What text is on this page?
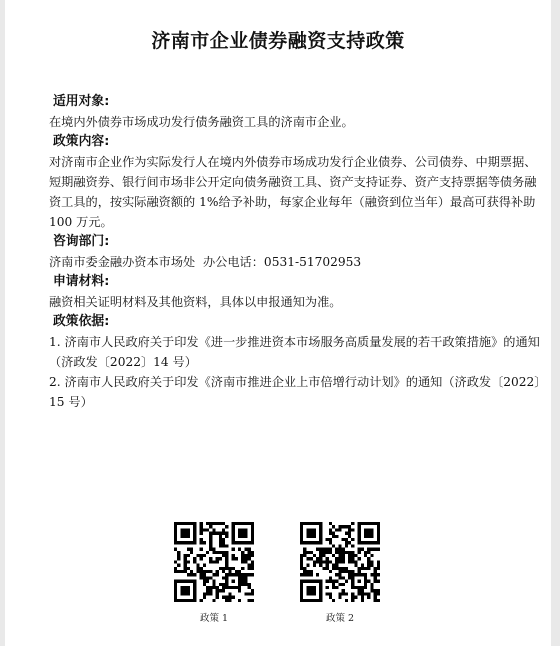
济南市企业债券融资支持政策
适用对象:
在境内外债券市场成功发行债务融资工具的济南市企业。
政策内容:
对济南市企业作为实际发行人在境内外债券市场成功发行企业债券、公司债券、中期票据、短期融资券、银行间市场非公开定向债务融资工具、资产支持证券、资产支持票据等债务融资工具的，按实际融资额的 1%给予补助，每家企业每年（融资到位当年）最高可获得补助 100 万元。
咨询部门:
济南市委金融办资本市场处  办公电话：0531-51702953
申请材料:
融资相关证明材料及其他资料，具体以申报通知为准。
政策依据:
1. 济南市人民政府关于印发《进一步推进资本市场服务高质量发展的若干政策措施》的通知（济政发〔2022〕14 号）
2. 济南市人民政府关于印发《济南市推进企业上市倍增行动计划》的通知（济政发〔2022〕15 号）
政策 1	政策 2
